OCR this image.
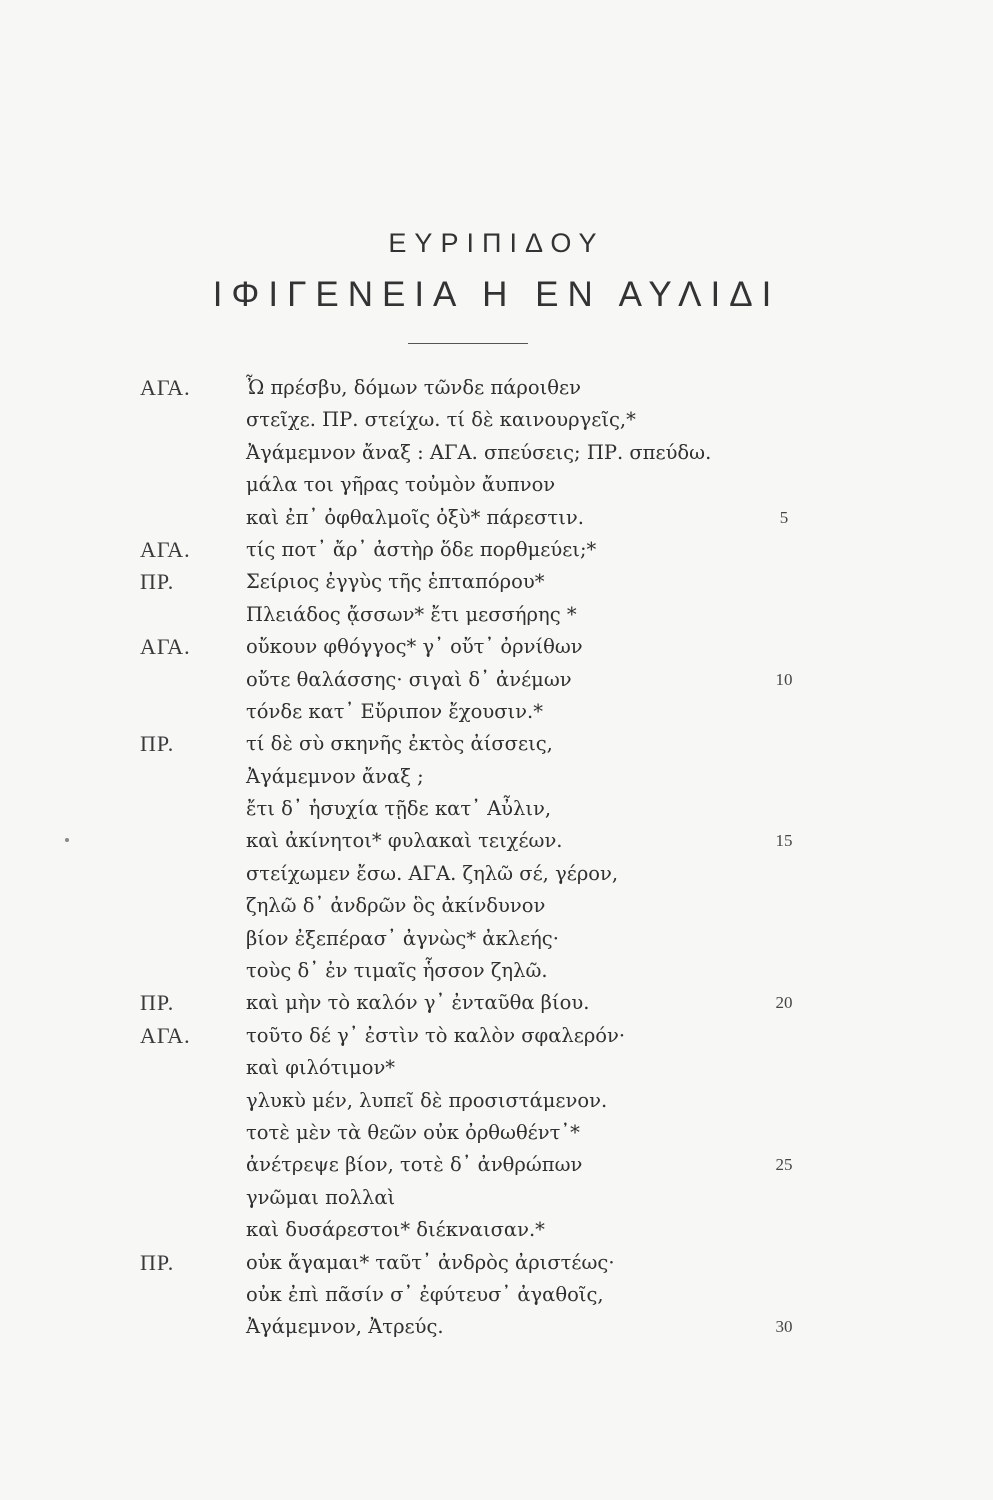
ΕΥΡΙΠΙΔΟΥ
ΙΦΙΓΕΝΕΙΑ Η ΕΝ ΑΥΛΙΔΙ
ΑΓΑ.	Ὦ πρέσβυ, δόμων τῶνδε πάροιθεν
στεῖχε. ΠΡ. στείχω. τί δὲ καινουργεῖς,*
Ἀγάμεμνον ἄναξ : ΑΓΑ. σπεύσεις; ΠΡ. σπεύδω.
μάλα τοι γῆρας τοὐμὸν ἄυπνον
καὶ ἐπ᾽ ὀφθαλμοῖς ὀξὺ* πάρεστιν.	5
ΑΓΑ.	τίς ποτ᾽ ἄρ᾽ ἀστὴρ ὅδε πορθμεύει;*
ΠΡ.	Σείριος ἐγγὺς τῆς ἑπταπόρου*
Πλειάδος ᾄσσων* ἔτι μεσσήρης *
ΑΓΑ.	οὔκουν φθόγγος* γ᾽ οὔτ᾽ ὀρνίθων
οὔτε θαλάσσης· σιγαὶ δ᾽ ἀνέμων	10
τόνδε κατ᾽ Εὔριπον ἔχουσιν.*
ΠΡ.	τί δὲ σὺ σκηνῆς ἐκτὸς ἀίσσεις,
Ἀγάμεμνον ἄναξ ;
ἔτι δ᾽ ἡσυχία τῇδε κατ᾽ Αὖλιν,
καὶ ἀκίνητοι* φυλακαὶ τειχέων.	15
στείχωμεν ἔσω. ΑΓΑ. ζηλῶ σέ, γέρον,
ζηλῶ δ᾽ ἀνδρῶν ὃς ἀκίνδυνον
βίον ἐξεπέρασ᾽ ἀγνὼς* ἀκλεής·
τοὺς δ᾽ ἐν τιμαῖς ἧσσον ζηλῶ.
ΠΡ.	καὶ μὴν τὸ καλόν γ᾽ ἐνταῦθα βίου.	20
ΑΓΑ.	τοῦτο δέ γ᾽ ἐστὶν τὸ καλὸν σφαλερόν·
καὶ φιλότιμον*
γλυκὺ μέν, λυπεῖ δὲ προσιστάμενον.
τοτὲ μὲν τὰ θεῶν οὐκ ὀρθωθέντ᾽*
ἀνέτρεψε βίον, τοτὲ δ᾽ ἀνθρώπων	25
γνῶμαι πολλαὶ
καὶ δυσάρεστοι* διέκναισαν.*
ΠΡ.	οὐκ ἄγαμαι* ταῦτ᾽ ἀνδρὸς ἀριστέως·
οὐκ ἐπὶ πᾶσίν σ᾽ ἐφύτευσ᾽ ἀγαθοῖς,
Ἀγάμεμνον, Ἀτρεύς.	30
